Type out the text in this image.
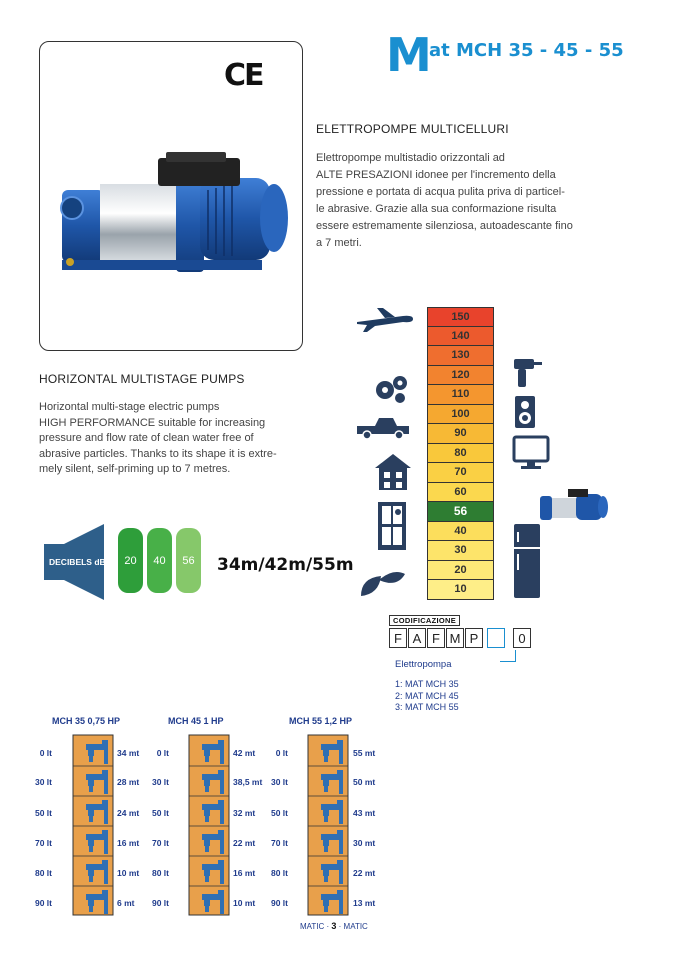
CE	M
at MCH 35 - 45 - 55
ELETTROPOMPE MULTICELLURI
Elettropompe multistadio orizzontali ad
ALTE PRESAZIONI idonee per l'incremento della
pressione e portata di acqua pulita priva di particel-
le abrasive. Grazie alla sua conformazione risulta
essere estremamente silenziosa, autoadescante fino
a 7 metri.
HORIZONTAL MULTISTAGE PUMPS
Horizontal multi-stage electric pumps
HIGH PERFORMANCE suitable for increasing
pressure and flow rate of clean water free of
abrasive particles. Thanks to its shape it is extre-
mely silent, self-priming up to 7 metres.
DECIBELS dB	20	40	56	34m/42m/55m
150
140
130
120
110
100
90
80
70
60
56
40
30
20
10
CODIFICAZIONE
F A F M P	0
Elettropompa
1: MAT MCH 35
2: MAT MCH 45
3: MAT MCH 55
MCH 35 0,75 HP
0 lt	34 mt
30 lt	28 mt
50 lt	24 mt
70 lt	16 mt
80 lt	10 mt
90 lt	6 mt
MCH 45 1 HP
0 lt	42 mt
30 lt	38,5 mt
50 lt	32 mt
70 lt	22 mt
80 lt	16 mt
90 lt	10 mt
MCH 55 1,2 HP
0 lt	55 mt
30 lt	50 mt
50 lt	43 mt
70 lt	30 mt
80 lt	22 mt
90 lt	13 mt
MATIC · 3 · MATIC
